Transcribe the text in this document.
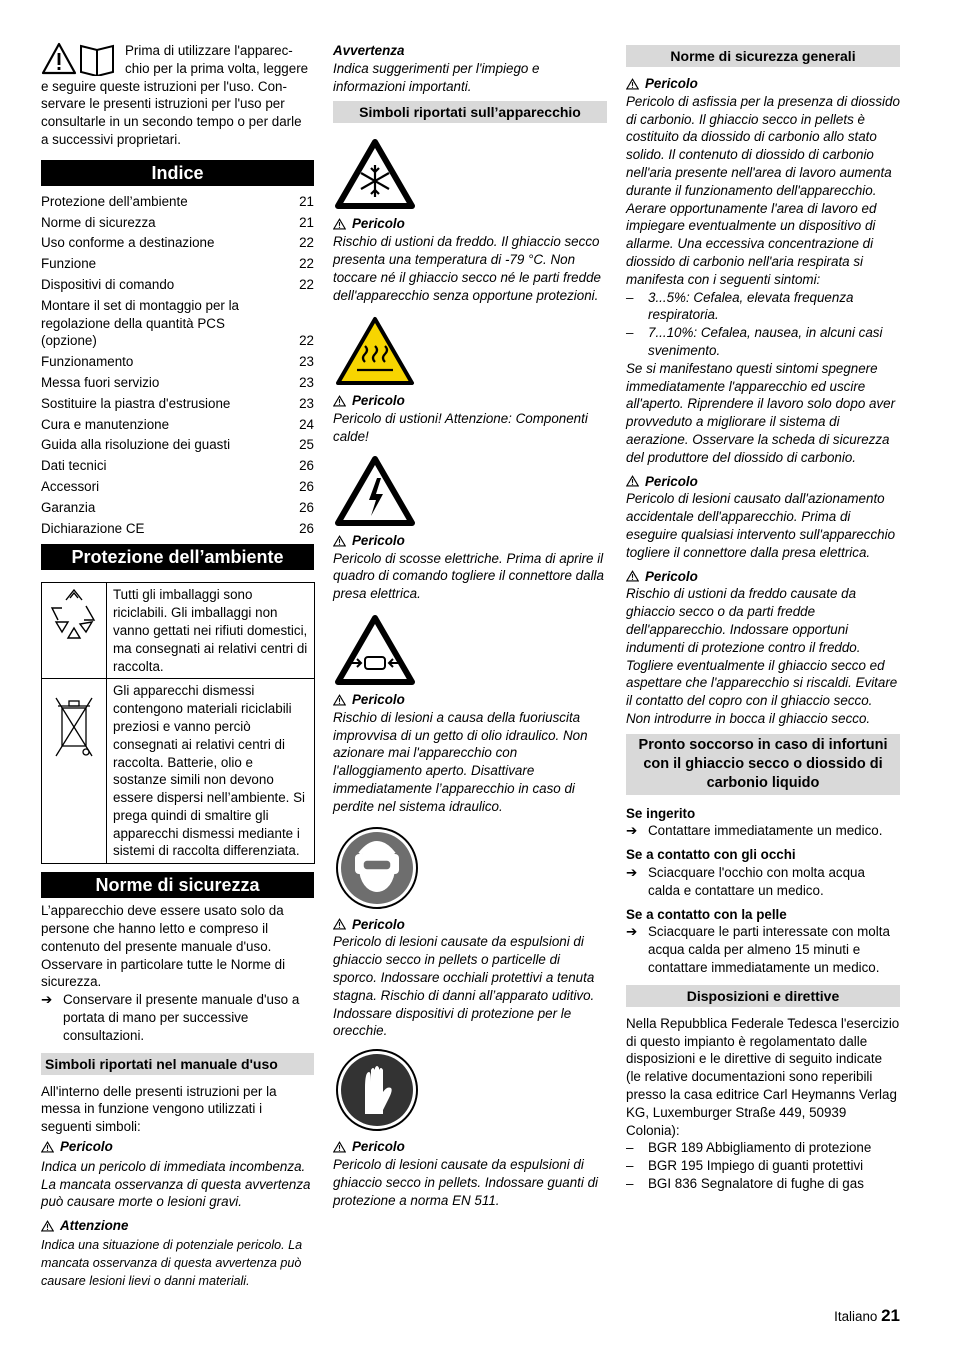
Prima di utilizzare l'apparec-
chio per la prima volta, leggere
e seguire queste istruzioni per l'uso. Con-
servare le presenti istruzioni per l'uso per
consultarle in un secondo tempo o per darle
a successivi proprietari.
Indice
Protezione dell’ambiente	21
Norme di sicurezza	21
Uso conforme a destinazione	22
Funzione	22
Dispositivi di comando	22
Montare il set di montaggio per la regolazione della quantità PCS (opzione)	22
Funzionamento	23
Messa fuori servizio	23
Sostituire la piastra d'estrusione	23
Cura e manutenzione	24
Guida alla risoluzione dei guasti	25
Dati tecnici	26
Accessori	26
Garanzia	26
Dichiarazione CE	26
Protezione dell’ambiente
	Tutti gli imballaggi sono riciclabili. Gli imballaggi non vanno gettati nei rifiuti domestici, ma consegnati ai relativi centri di raccolta.
	Gli apparecchi dismessi contengono materiali riciclabili preziosi e vanno perciò consegnati ai relativi centri di raccolta. Batterie, olio e sostanze simili non devono essere dispersi nell’ambiente. Si prega quindi di smaltire gli apparecchi dismessi mediante i sistemi di raccolta differenziata.
Norme di sicurezza

L’apparecchio deve essere usato solo da persone che hanno letto e compreso il contenuto del presente manuale d'uso. Osservare in particolare tutte le Norme di sicurezza.

➔ Conservare il presente manuale d'uso a portata di mano per successive consultazioni.
Simboli riportati nel manuale d'uso

All'interno delle presenti istruzioni per la messa in funzione vengono utilizzati i seguenti simboli:

Pericolo

Indica un pericolo di immediata incombenza. La mancata osservanza di questa avvertenza può causare morte o lesioni gravi.

Attenzione

Indica una situazione di potenziale pericolo. La mancata osservanza di questa avvertenza può causare lesioni lievi o danni materiali.

Avvertenza

Indica suggerimenti per l'impiego e informazioni importanti.

Simboli riportati sull’apparecchio
Pericolo

Rischio di ustioni da freddo. Il ghiaccio secco presenta una temperatura di -79 °C. Non toccare né il ghiaccio secco né le parti fredde dell'apparecchio senza opportune protezioni.

Pericolo

Pericolo di ustioni! Attenzione: Componenti calde!

Pericolo

Pericolo di scosse elettriche. Prima di aprire il quadro di comando togliere il connettore dalla presa elettrica.

Pericolo

Rischio di lesioni a causa della fuoriuscita improvvisa di un getto di olio idraulico. Non azionare mai l'apparecchio con l'alloggiamento aperto. Disattivare immediatamente l’apparecchio in caso di perdite nel sistema idraulico.

Pericolo

Pericolo di lesioni causate da espulsioni di ghiaccio secco in pellets o particelle di sporco. Indossare occhiali protettivi a tenuta stagna. Rischio di danni all’apparato uditivo. Indossare dispositivi di protezione per le orecchie.

Pericolo

Pericolo di lesioni causate da espulsioni di ghiaccio secco in pellets. Indossare guanti di protezione a norma EN 511.

Norme di sicurezza generali
Pericolo

Pericolo di asfissia per la presenza di diossido di carbonio. Il ghiaccio secco in pellets è costituito da diossido di carbonio allo stato solido. Il contenuto di diossido di carbonio nell'aria presente nell'area di lavoro aumenta durante il funzionamento dell'apparecchio. Aerare opportunamente l'area di lavoro ed impiegare eventualmente un dispositivo di allarme. Una eccessiva concentrazione di diossido di carbonio nell'aria respirata si manifesta con i seguenti sintomi:

–	3...5%: Cefalea, elevata frequenza respiratoria.
–	7...10%: Cefalea, nausea, in alcuni casi svenimento.

Se si manifestano questi sintomi spegnere immediatamente l'apparecchio ed uscire all'aperto. Riprendere il lavoro solo dopo aver provveduto a migliorare il sistema di aerazione. Osservare la scheda di sicurezza del produttore del diossido di carbonio.

Pericolo

Pericolo di lesioni causato dall'azionamento accidentale dell'apparecchio. Prima di eseguire qualsiasi intervento sull'apparecchio togliere il connettore dalla presa elettrica.

Pericolo

Rischio di ustioni da freddo causate da ghiaccio secco o da parti fredde dell'apparecchio. Indossare opportuni indumenti di protezione contro il freddo. Togliere eventualmente il ghiaccio secco ed aspettare che l'apparecchio si riscaldi. Evitare il contatto del copro con il ghiaccio secco. Non introdurre in bocca il ghiaccio secco.

Pronto soccorso in caso di infortuni con il ghiaccio secco o diossido di carbonio liquido

Se ingerito

➔ Contattare immediatamente un medico.

Se a contatto con gli occhi

➔ Sciacquare l'occhio con molta acqua calda e contattare un medico.

Se a contatto con la pelle

➔ Sciacquare le parti interessate con molta acqua calda per almeno 15 minuti e contattare immediatamente un medico.
Disposizioni e direttive

Nella Repubblica Federale Tedesca l'esercizio di questo impianto è regolamentato dalle disposizioni e le direttive di seguito indicate (le relative documentazioni sono reperibili presso la casa editrice Carl Heymanns Verlag KG, Luxemburger Straße 449, 50939 Colonia):

–	BGR 189 Abbigliamento di protezione
–	BGR 195 Impiego di guanti protettivi
–	BGI 836 Segnalatore di fughe di gas
Italiano 21
